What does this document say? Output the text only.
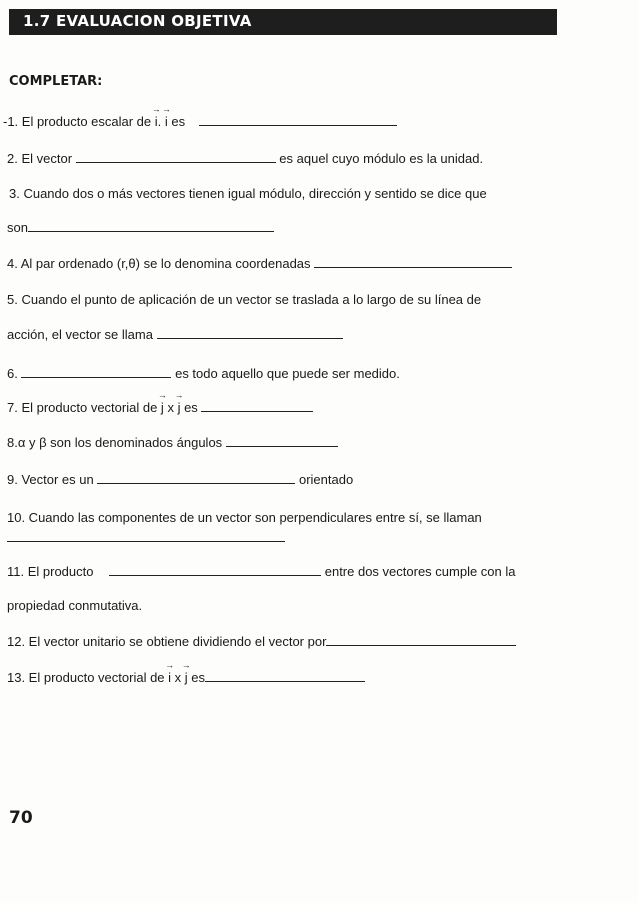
1.7 EVALUACION OBJETIVA
COMPLETAR:
-1. El producto escalar de → i. → i es
2. El vector	es aquel cuyo módulo es la unidad.
3. Cuando dos o más vectores tienen igual módulo, dirección y sentido se dice que
son
4. Al par ordenado (r,θ) se lo denomina coordenadas
5. Cuando el punto de aplicación de un vector se traslada a lo largo de su línea de
acción, el vector se llama
6.	es todo aquello que puede ser medido.
7. El producto vectorial de → j x → j es
8.α y β son los denominados ángulos
9. Vector es un	orientado
10. Cuando las componentes de un vector son perpendiculares entre sí, se llaman
11. El producto	entre dos vectores cumple con la
propiedad conmutativa.
12. El vector unitario se obtiene dividiendo el vector por
13. El producto vectorial de → i x → j es
70
